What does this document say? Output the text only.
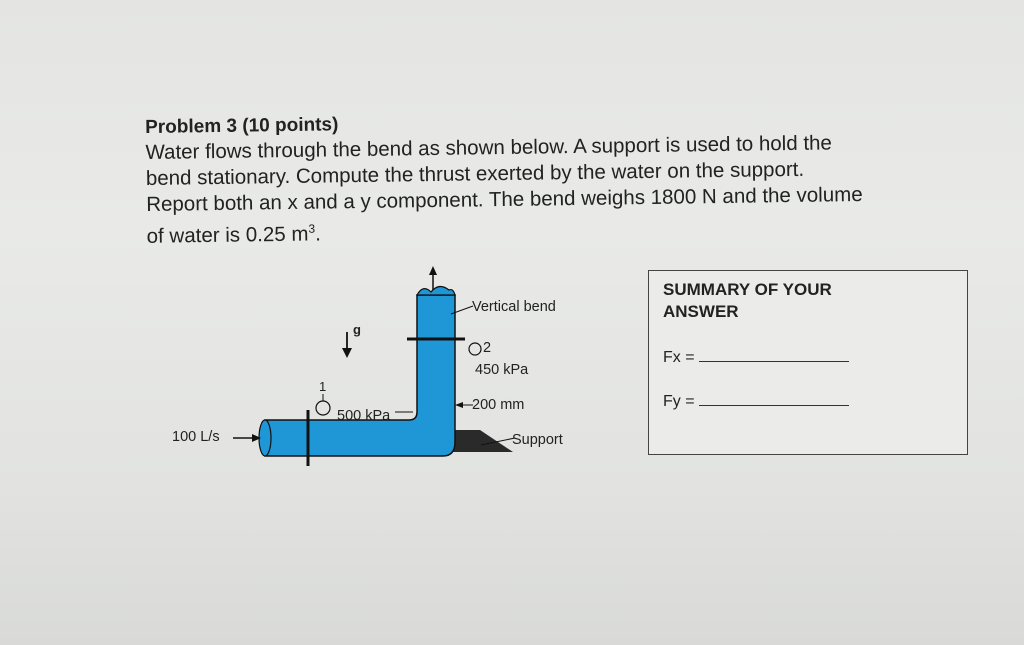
Problem 3 (10 points)

Water flows through the bend as shown below. A support is used to hold the
bend stationary. Compute the thrust exerted by the water on the support.
Report both an x and a y component. The bend weighs 1800 N and the volume
of water is 0.25 $m^3$.

Vertical bend
g
1
2
450 kPa
500 kPa
200 mm
100 L/s	Support
SUMMARY OF YOUR ANSWER
Fx =
Fy =
